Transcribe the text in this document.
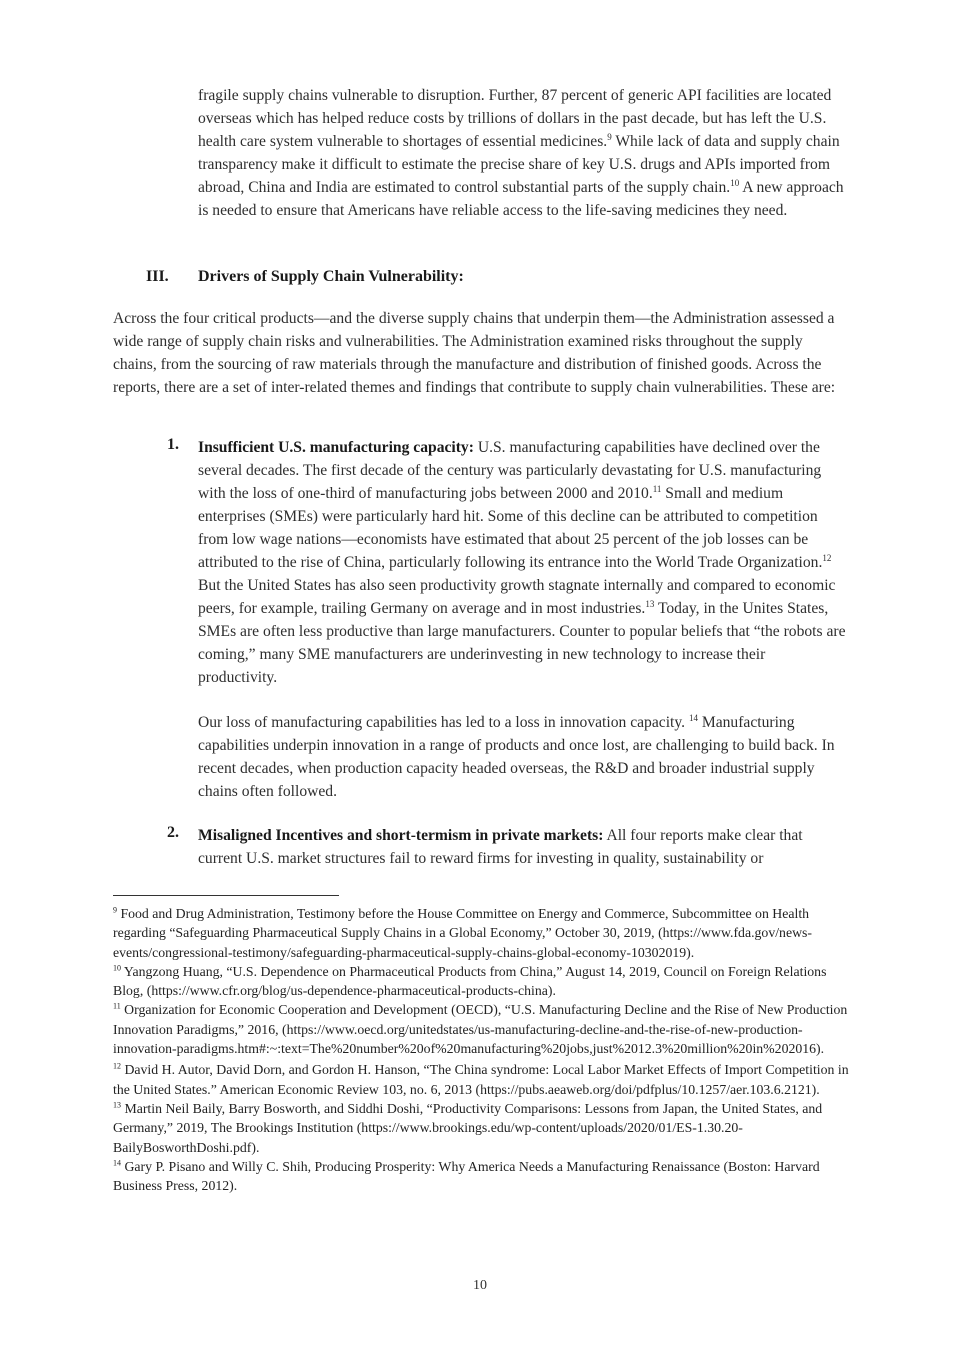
fragile supply chains vulnerable to disruption. Further, 87 percent of generic API facilities are located overseas which has helped reduce costs by trillions of dollars in the past decade, but has left the U.S. health care system vulnerable to shortages of essential medicines.$^9$ While lack of data and supply chain transparency make it difficult to estimate the precise share of key U.S. drugs and APIs imported from abroad, China and India are estimated to control substantial parts of the supply chain.$^{10}$ A new approach is needed to ensure that Americans have reliable access to the life-saving medicines they need.

III. Drivers of Supply Chain Vulnerability:

Across the four critical products—and the diverse supply chains that underpin them—the Administration assessed a wide range of supply chain risks and vulnerabilities. The Administration examined risks throughout the supply chains, from the sourcing of raw materials through the manufacture and distribution of finished goods. Across the reports, there are a set of inter-related themes and findings that contribute to supply chain vulnerabilities. These are:

1. Insufficient U.S. manufacturing capacity: U.S. manufacturing capabilities have declined over the several decades. The first decade of the century was particularly devastating for U.S. manufacturing with the loss of one-third of manufacturing jobs between 2000 and 2010.11 Small and medium enterprises (SMEs) were particularly hard hit. Some of this decline can be attributed to competition from low wage nations—economists have estimated that about 25 percent of the job losses can be attributed to the rise of China, particularly following its entrance into the World Trade Organization.$^{12}$ But the United States has also seen productivity growth stagnate internally and compared to economic peers, for example, trailing Germany on average and in most industries.$^{13}$ Today, in the Unites States, SMEs are often less productive than large manufacturers. Counter to popular beliefs that “the robots are coming,” many SME manufacturers are underinvesting in new technology to increase their productivity.

Our loss of manufacturing capabilities has led to a loss in innovation capacity. $^{14}$ Manufacturing capabilities underpin innovation in a range of products and once lost, are challenging to build back. In recent decades, when production capacity headed overseas, the R&D and broader industrial supply chains often followed.

2. Misaligned Incentives and short-termism in private markets: All four reports make clear that current U.S. market structures fail to reward firms for investing in quality, sustainability or

$^9$ Food and Drug Administration, Testimony before the House Committee on Energy and Commerce, Subcommittee on Health regarding “Safeguarding Pharmaceutical Supply Chains in a Global Economy,” October 30, 2019, (https://www.fda.gov/news-events/congressional-testimony/safeguarding-pharmaceutical-supply-chains-global-economy-10302019).

$^{10}$ Yangzong Huang, “U.S. Dependence on Pharmaceutical Products from China,” August 14, 2019, Council on Foreign Relations Blog, (https://www.cfr.org/blog/us-dependence-pharmaceutical-products-china).

$^{11}$ Organization for Economic Cooperation and Development (OECD), “U.S. Manufacturing Decline and the Rise of New Production Innovation Paradigms,” 2016, (https://www.oecd.org/unitedstates/us-manufacturing-decline-and-the-rise-of-new-production-innovation-paradigms.htm#:~:text=The%20number%20of%20manufacturing%20jobs,just%2012.3%20million%20in%202016).

$^{12}$ David H. Autor, David Dorn, and Gordon H. Hanson, “The China syndrome: Local Labor Market Effects of Import Competition in the United States.” American Economic Review 103, no. 6, 2013 (https://pubs.aeaweb.org/doi/pdfplus/10.1257/aer.103.6.2121).

$^{13}$ Martin Neil Baily, Barry Bosworth, and Siddhi Doshi, “Productivity Comparisons: Lessons from Japan, the United States, and Germany,” 2019, The Brookings Institution (https://www.brookings.edu/wp-content/uploads/2020/01/ES-1.30.20-BailyBosworthDoshi.pdf).

$^{14}$ Gary P. Pisano and Willy C. Shih, Producing Prosperity: Why America Needs a Manufacturing Renaissance (Boston: Harvard Business Press, 2012).

10
